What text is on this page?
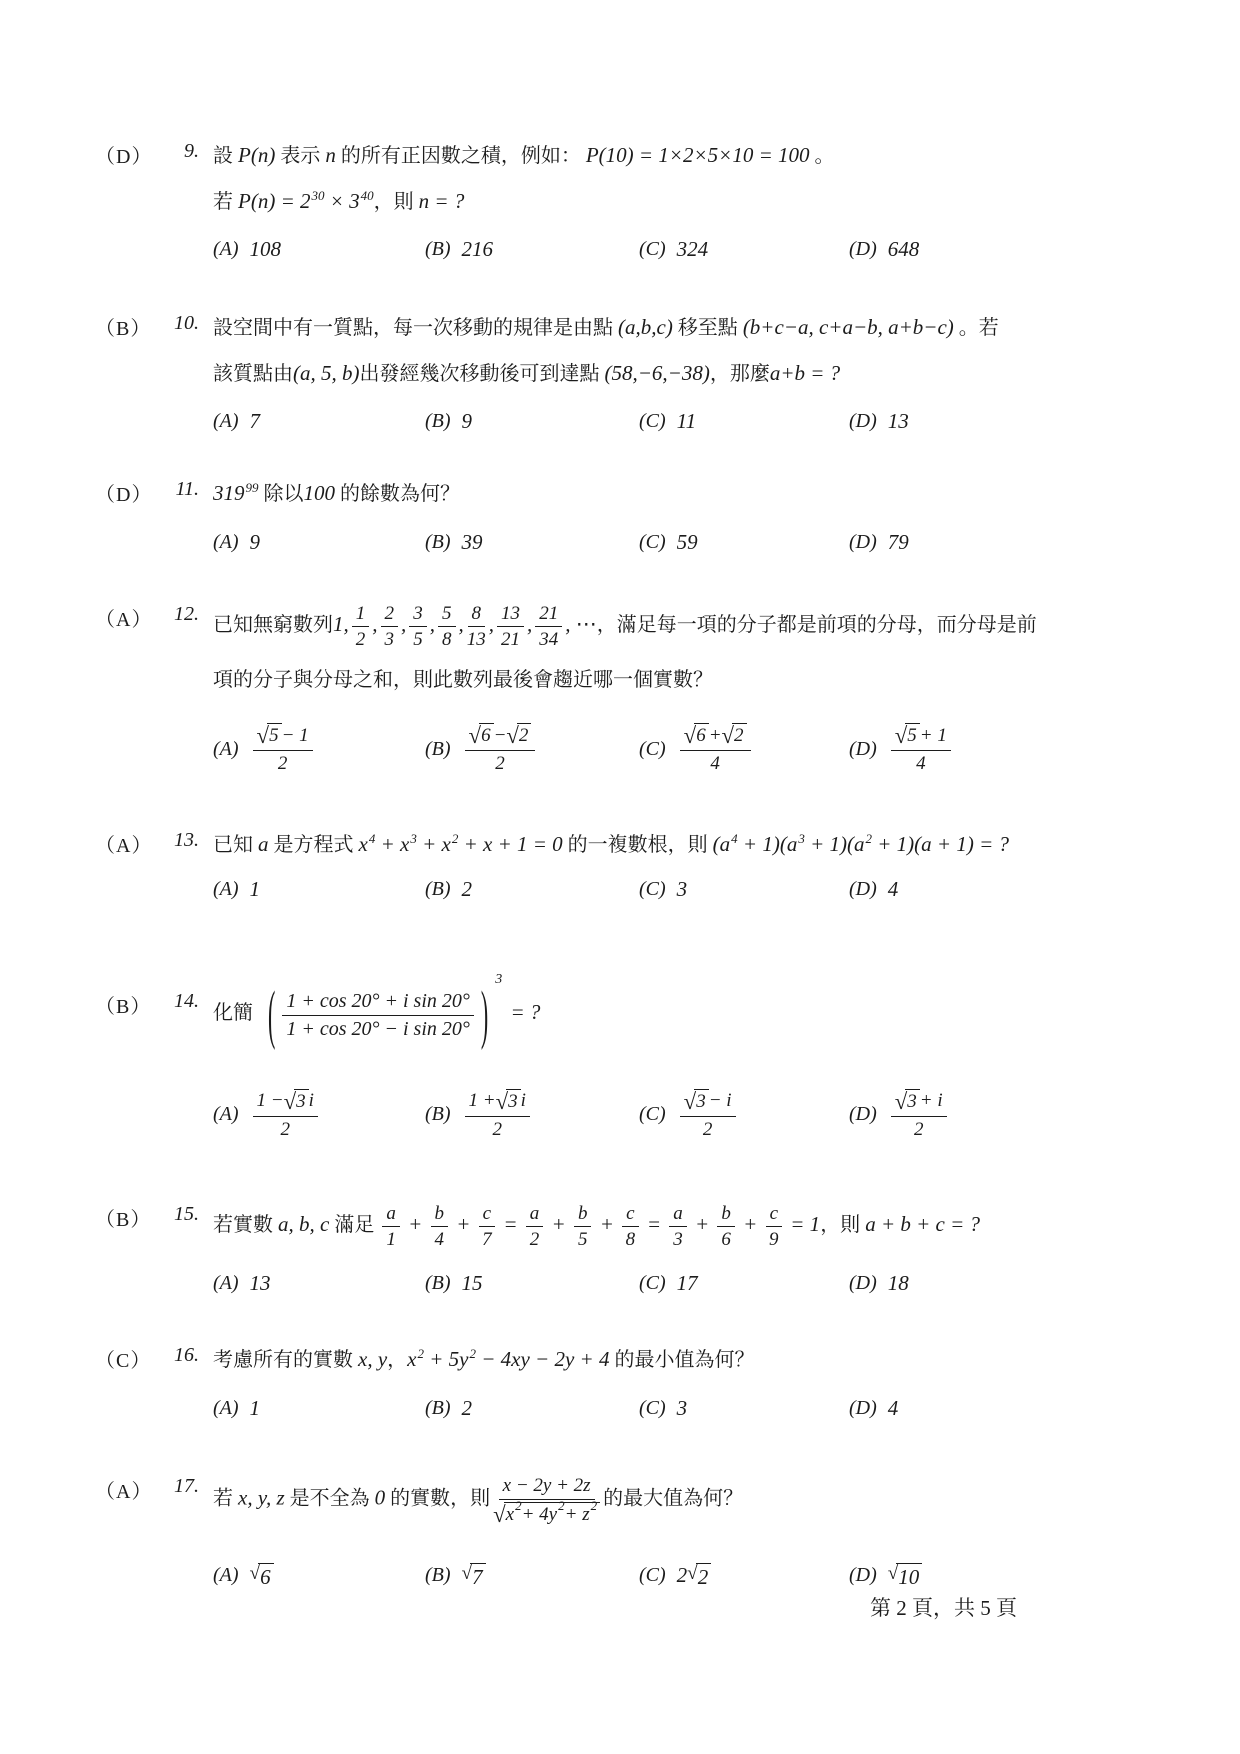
（D）	9. 設 P(n) 表示 n 的所有正因數之積，例如： P(10) = 1×2×5×10 = 100 。
若 $P(n) = 2^{30} \times 3^{40}$，則 n = ?
(A) 108	(B) 216	(C) 324	(D) 648
（B）	10. 設空間中有一質點，每一次移動的規律是由點 (a,b,c) 移至點 (b+c−a, c+a−b, a+b−c) 。若
該質點由(a, 5, b)出發經幾次移動後可到達點 (58,−6,−38)，那麼a+b = ?
(A) 7	(B) 9	(C) 11	(D) 13
（D）	11. $319^{99}$ 除以100 的餘數為何？
(A) 9	(B) 39	(C) 59	(D) 79
（A）	12.
已知無窮數列1, $\frac{1}{2}$ , $\frac{2}{3}$ , $\frac{3}{5}$ , $\frac{5}{8}$ , $\frac{8}{13}$ , $\frac{13}{21}$ , $\frac{21}{34}$ , ⋯，滿足每一項的分子都是前項的分母，而分母是前
項的分子與分母之和，則此數列最後會趨近哪一個實數？
$(A) \frac{√ 5 - 1}{2}$	$(B) \frac{√ 6 - √ 2}{2}$	$(C) \frac{√ 6 + √ 2}{4}$	$(D) \frac{√ 5 + 1}{4}$
（A）	13. 已知 a 是方程式 $x^4 + x^3 + x^2 + x + 1 = 0$ 的一複數根，則 $(a^4 + 1)(a^3 + 1)(a^2 + 1)(a + 1)$ = ?
(A) 1	(B) 2	(C) 3	(D) 4
（B）	14.
化簡 ( $\frac{\text{1 + cos 20° + i sin 20°}}{\text{1 + cos 20° − i sin 20°}}$ ) 3
= ?
$(A) \frac{1 - √ 3 i}{2}$	$(B) \frac{1 + √ 3 i}{2}$	$(C) \frac{√ 3 - i}{2}$	$(D) \frac{√ 3 + i}{2}$
（B）	15.
若實數 a, b, c 滿足 $\frac{a}{1} + \frac{b}{4} + \frac{c}{7} = \frac{a}{2} + \frac{b}{5} + \frac{c}{8} = \frac{a}{3} + \frac{b}{6} + \frac{c}{9} = 1$，則 a + b + c = ?
(A) 13	(B) 15	(C) 17	(D) 18
（C）	16. 考慮所有的實數 x, y，$x^2 + 5y^2 - 4xy - 2y + 4$ 的最小值為何？
(A) 1	(B) 2	(C) 3	(D) 4
（A）	17.
若 x, y, z 是不全為 0 的實數，則 $\frac{x - 2y + 2z}{√ x 2 + 4y 2 + z 2}$ 的最大值為何？
(A) √ 6	(B) √ 7	(C) 2 √ 2	(D) √ 10
第 2 頁，共 5 頁
